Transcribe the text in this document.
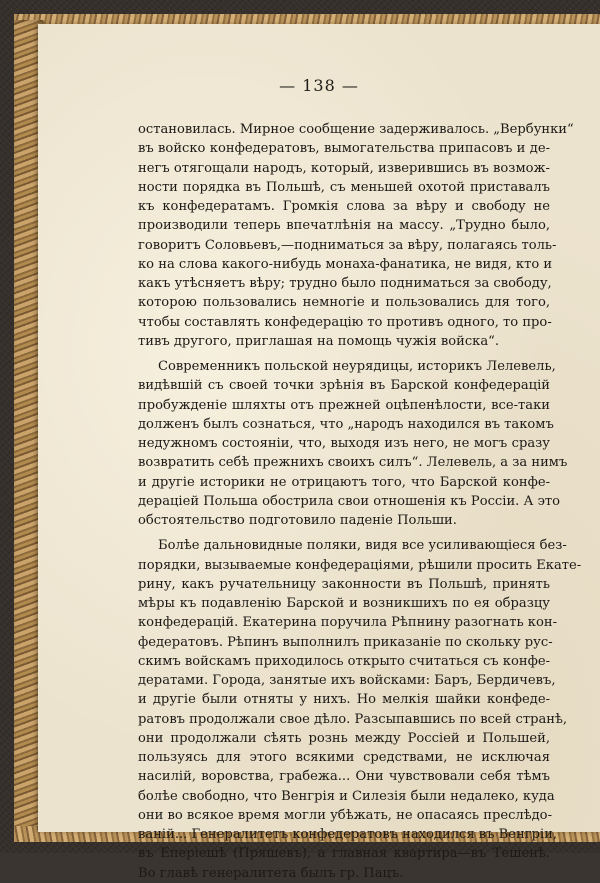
— 138 —
остановилась. Мирное сообщение задерживалось. „Вербунки“
въ войско конфедератовъ, вымогательства припасовъ и де-
негъ отягощали народъ, который, изверившись въ возмож-
ности порядка въ Польшѣ, съ меньшей охотой приставалъ
къ конфедератамъ. Громкія слова за вѣру и свободу не
производили теперь впечатлѣнія на массу. „Трудно было,
говоритъ Соловьевъ,—подниматься за вѣру, полагаясь толь-
ко на слова какого-нибудь монаха-фанатика, не видя, кто и
какъ утѣсняетъ вѣру; трудно было подниматься за свободу,
которою пользовались немногіе и пользовались для того,
чтобы составлять конфедерацію то противъ одного, то про-
тивъ другого, приглашая на помощь чужія войска“.
Современникъ польской неурядицы, историкъ Лелевель,
видѣвшій съ своей точки зрѣнія въ Барской конфедерацій
пробужденіе шляхты отъ прежней оцѣпенѣлости, все-таки
долженъ былъ сознаться, что „народъ находился въ такомъ
недужномъ состояніи, что, выходя изъ него, не могъ сразу
возвратить себѣ прежнихъ своихъ силъ“. Лелевель, а за нимъ
и другіе историки не отрицаютъ того, что Барской конфе-
дераціей Польша обострила свои отношенія къ Россіи. А это
обстоятельство подготовило паденіе Польши.
Болѣе дальновидные поляки, видя все усиливающіеся без-
порядки, вызываемые конфедераціями, рѣшили просить Екате-
рину, какъ ручательницу законности въ Польшѣ, принять
мѣры къ подавленію Барской и возникшихъ по ея образцу
конфедерацій. Екатерина поручила Рѣпнину разогнать кон-
федератовъ. Рѣпинъ выполнилъ приказаніе по скольку рус-
скимъ войскамъ приходилось открыто считаться съ конфе-
дератами. Города, занятые ихъ войсками: Баръ, Бердичевъ,
и другіе были отняты у нихъ. Но мелкія шайки конфеде-
ратовъ продолжали свое дѣло. Разсыпавшись по всей странѣ,
они продолжали сѣять рознь между Россіей и Польшей,
пользуясь для этого всякими средствами, не исключая
насилій, воровства, грабежа... Они чувствовали себя тѣмъ
болѣе свободно, что Венгрія и Силезія были недалеко, куда
они во всякое время могли убѣжать, не опасаясь преслѣдо-
ваній... Генералитетъ конфедератовъ находился въ Венгріи,
въ Еперіешѣ (Пряшевъ), а главная квартира—въ Тешенѣ.
Во главѣ генералитета былъ гр. Пацъ.
